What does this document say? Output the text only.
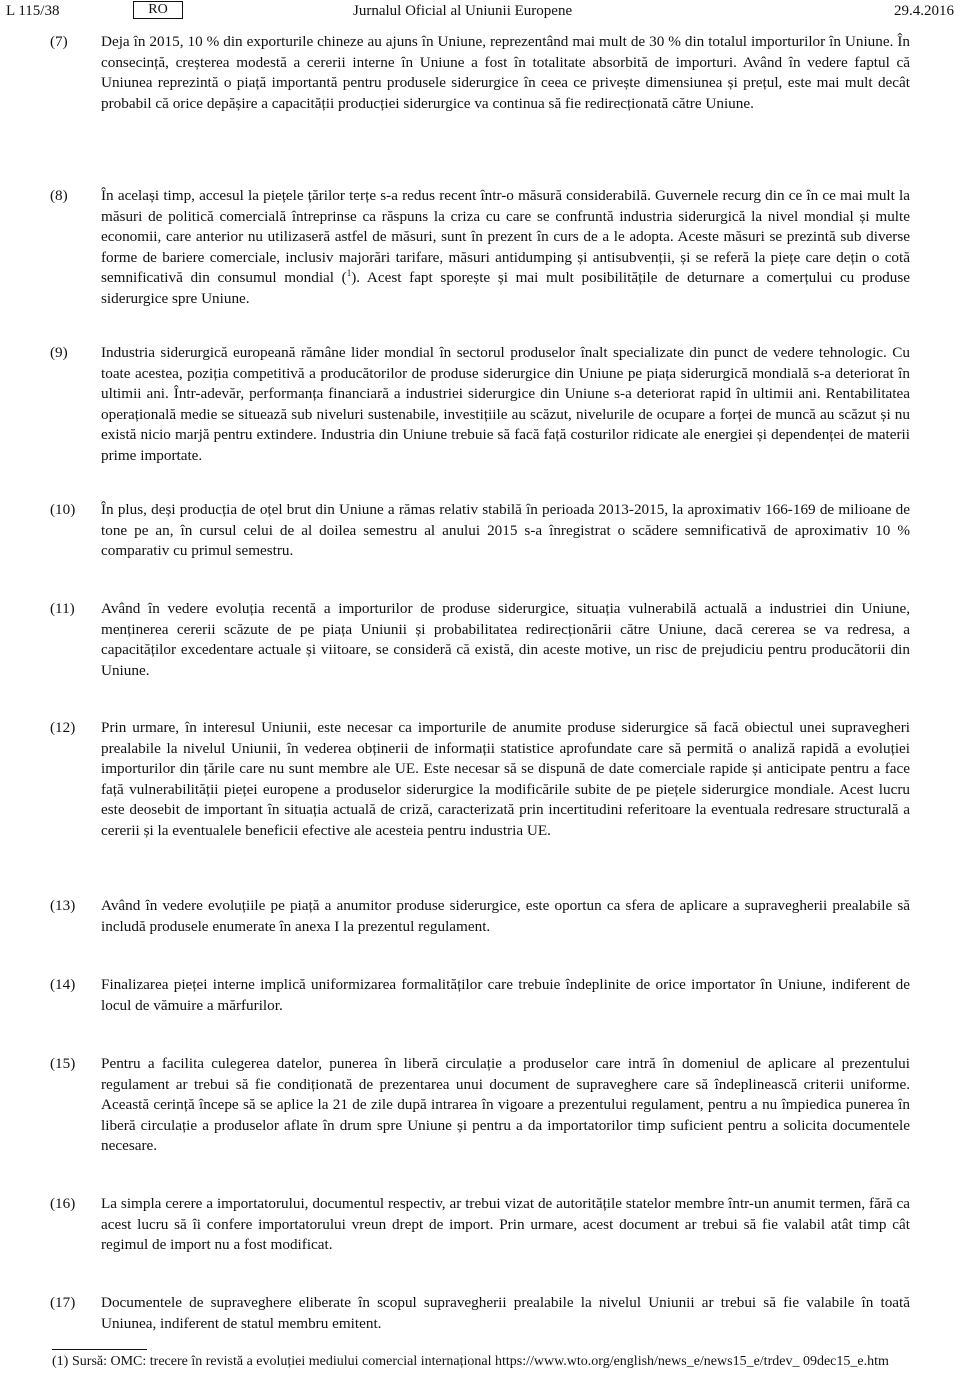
L 115/38	RO	Jurnalul Oficial al Uniunii Europene	29.4.2016
(7) Deja în 2015, 10 % din exporturile chineze au ajuns în Uniune, reprezentând mai mult de 30 % din totalul importurilor în Uniune. În consecință, creșterea modestă a cererii interne în Uniune a fost în totalitate absorbită de importuri. Având în vedere faptul că Uniunea reprezintă o piață importantă pentru produsele siderurgice în ceea ce privește dimensiunea și prețul, este mai mult decât probabil că orice depășire a capacității producției siderurgice va continua să fie redirecționată către Uniune.
(8) În același timp, accesul la piețele țărilor terțe s-a redus recent într-o măsură considerabilă. Guvernele recurg din ce în ce mai mult la măsuri de politică comercială întreprinse ca răspuns la criza cu care se confruntă industria siderurgică la nivel mondial și multe economii, care anterior nu utilizaseră astfel de măsuri, sunt în prezent în curs de a le adopta. Aceste măsuri se prezintă sub diverse forme de bariere comerciale, inclusiv majorări tarifare, măsuri antidumping și antisubvenții, și se referă la piețe care dețin o cotă semnificativă din consumul mondial ($^1$). Acest fapt sporește și mai mult posibilitățile de deturnare a comerțului cu produse siderurgice spre Uniune.
(9) Industria siderurgică europeană rămâne lider mondial în sectorul produselor înalt specializate din punct de vedere tehnologic. Cu toate acestea, poziția competitivă a producătorilor de produse siderurgice din Uniune pe piața siderurgică mondială s-a deteriorat în ultimii ani. Într-adevăr, performanța financiară a industriei siderurgice din Uniune s-a deteriorat rapid în ultimii ani. Rentabilitatea operațională medie se situează sub niveluri sustenabile, investițiile au scăzut, nivelurile de ocupare a forței de muncă au scăzut și nu există nicio marjă pentru extindere. Industria din Uniune trebuie să facă față costurilor ridicate ale energiei și dependenței de materii prime importate.
(10) În plus, deși producția de oțel brut din Uniune a rămas relativ stabilă în perioada 2013-2015, la aproximativ 166-169 de milioane de tone pe an, în cursul celui de al doilea semestru al anului 2015 s-a înregistrat o scădere semnificativă de aproximativ 10 % comparativ cu primul semestru.
(11) Având în vedere evoluția recentă a importurilor de produse siderurgice, situația vulnerabilă actuală a industriei din Uniune, menținerea cererii scăzute de pe piața Uniunii și probabilitatea redirecționării către Uniune, dacă cererea se va redresa, a capacităților excedentare actuale și viitoare, se consideră că există, din aceste motive, un risc de prejudiciu pentru producătorii din Uniune.
(12) Prin urmare, în interesul Uniunii, este necesar ca importurile de anumite produse siderurgice să facă obiectul unei supravegheri prealabile la nivelul Uniunii, în vederea obținerii de informații statistice aprofundate care să permită o analiză rapidă a evoluției importurilor din țările care nu sunt membre ale UE. Este necesar să se dispună de date comerciale rapide și anticipate pentru a face față vulnerabilității pieței europene a produselor siderurgice la modificările subite de pe piețele siderurgice mondiale. Acest lucru este deosebit de important în situația actuală de criză, caracterizată prin incertitudini referitoare la eventuala redresare structurală a cererii și la eventualele beneficii efective ale acesteia pentru industria UE.
(13) Având în vedere evoluțiile pe piață a anumitor produse siderurgice, este oportun ca sfera de aplicare a supravegherii prealabile să includă produsele enumerate în anexa I la prezentul regulament.
(14) Finalizarea pieței interne implică uniformizarea formalităților care trebuie îndeplinite de orice importator în Uniune, indiferent de locul de vămuire a mărfurilor.
(15) Pentru a facilita culegerea datelor, punerea în liberă circulație a produselor care intră în domeniul de aplicare al prezentului regulament ar trebui să fie condiționată de prezentarea unui document de supraveghere care să îndeplinească criterii uniforme. Această cerință începe să se aplice la 21 de zile după intrarea în vigoare a prezentului regulament, pentru a nu împiedica punerea în liberă circulație a produselor aflate în drum spre Uniune și pentru a da importatorilor timp suficient pentru a solicita documentele necesare.
(16) La simpla cerere a importatorului, documentul respectiv, ar trebui vizat de autoritățile statelor membre într-un anumit termen, fără ca acest lucru să îi confere importatorului vreun drept de import. Prin urmare, acest document ar trebui să fie valabil atât timp cât regimul de import nu a fost modificat.
(17) Documentele de supraveghere eliberate în scopul supravegherii prealabile la nivelul Uniunii ar trebui să fie valabile în toată Uniunea, indiferent de statul membru emitent.
(1) Sursă: OMC: trecere în revistă a evoluției mediului comercial internațional https://www.wto.org/english/news_e/news15_e/trdev_ 09dec15_e.htm
